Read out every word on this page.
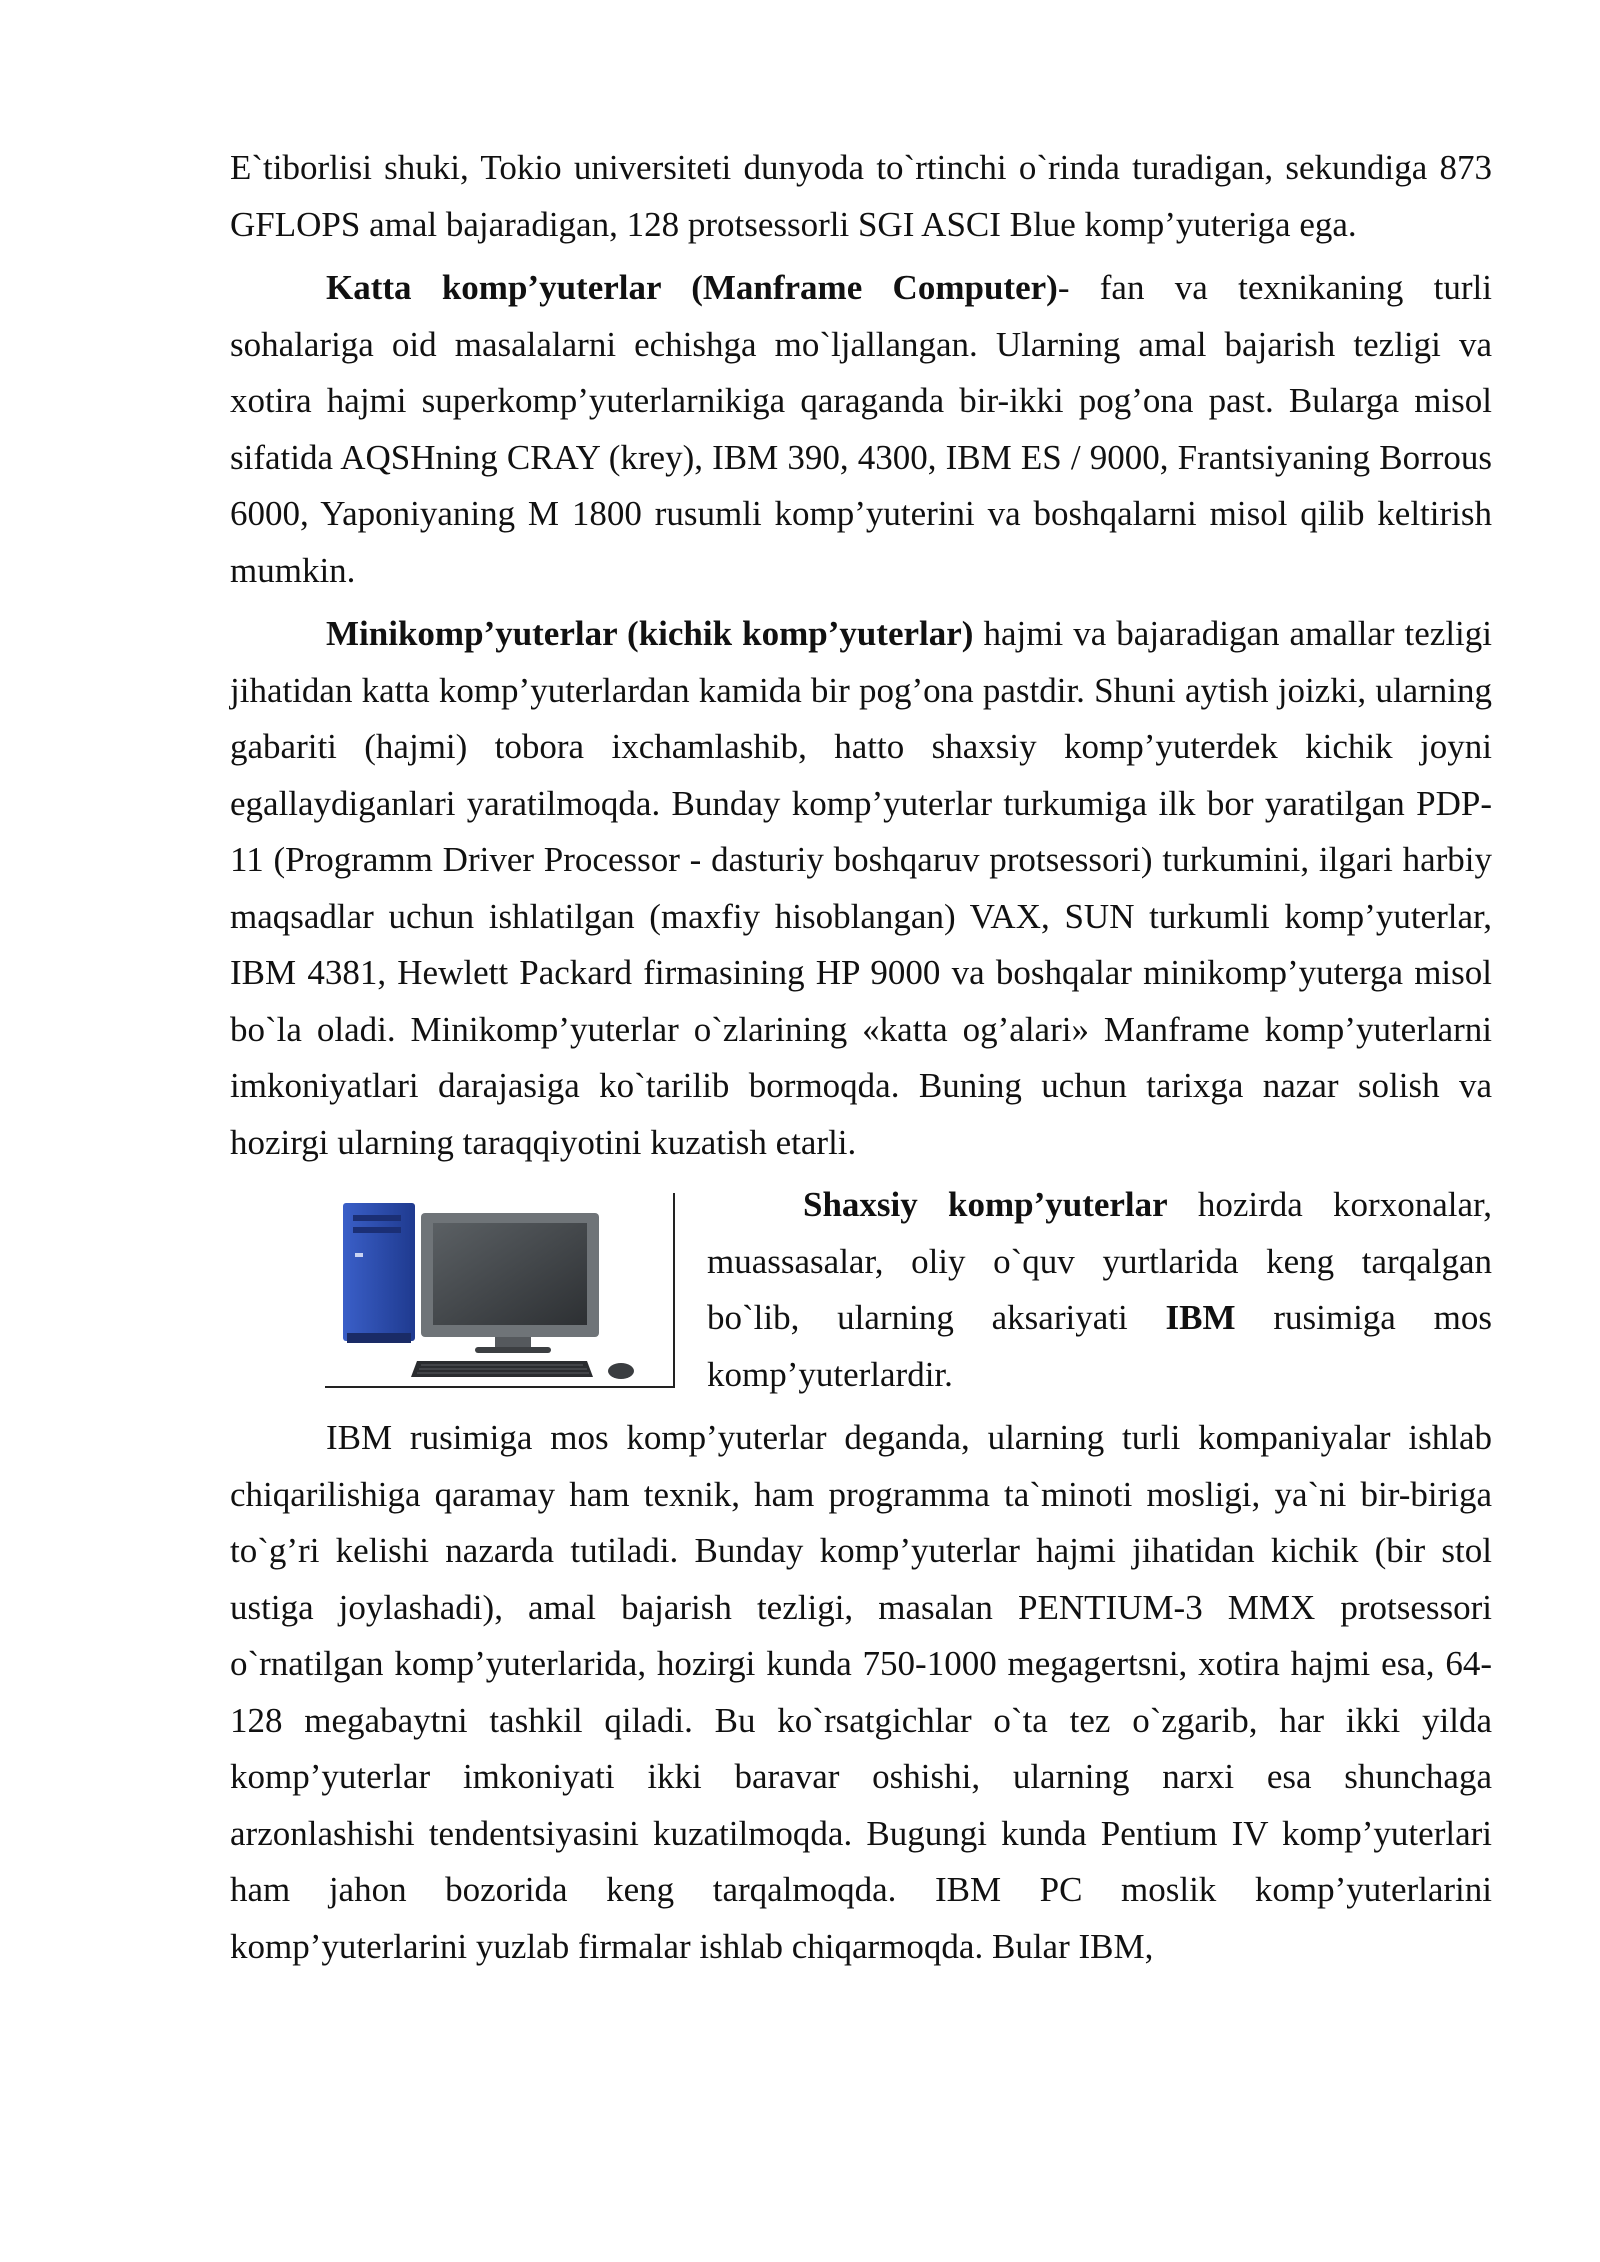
E`tiborlisi shuki, Tokio universiteti dunyoda to`rtinchi o`rinda turadigan, sekundiga 873 GFLOPS amal bajaradigan, 128 protsessorli SGI ASCI Blue komp’yuteriga ega.

Katta komp’yuterlar (Manframe Computer)- fan va texnikaning turli sohalariga oid masalalarni echishga mo`ljallangan. Ularning amal bajarish tezligi va xotira hajmi superkomp’yuterlarnikiga qaraganda bir-ikki pog’ona past. Bularga misol sifatida AQSHning CRAY (krey), IBM 390, 4300, IBM ES / 9000, Frantsiyaning Borrous 6000, Yaponiyaning M 1800 rusumli komp’yuterini va boshqalarni misol qilib keltirish mumkin.

Minikomp’yuterlar (kichik komp’yuterlar) hajmi va bajaradigan amallar tezligi jihatidan katta komp’yuterlardan kamida bir pog’ona pastdir. Shuni aytish joizki, ularning gabariti (hajmi) tobora ixchamlashib, hatto shaxsiy komp’yuterdek kichik joyni egallaydiganlari yaratilmoqda. Bunday komp’yuterlar turkumiga ilk bor yaratilgan PDP-11 (Programm Driver Processor - dasturiy boshqaruv protsessori) turkumini, ilgari harbiy maqsadlar uchun ishlatilgan (maxfiy hisoblangan) VAX, SUN turkumli komp’yuterlar, IBM 4381, Hewlett Packard firmasining HP 9000 va boshqalar minikomp’yuterga misol bo`la oladi. Minikomp’yuterlar o`zlarining «katta og’alari» Manframe komp’yuterlarni imkoniyatlari darajasiga ko`tarilib bormoqda. Buning uchun tarixga nazar solish va hozirgi ularning taraqqiyotini kuzatish etarli.

Shaxsiy komp’yuterlar hozirda korxonalar, muassasalar, oliy o`quv yurtlarida keng tarqalgan bo`lib, ularning aksariyati IBM rusimiga mos komp’yuterlardir.

IBM rusimiga mos komp’yuterlar deganda, ularning turli kompaniyalar ishlab chiqarilishiga qaramay ham texnik, ham programma ta`minoti mosligi, ya`ni bir-biriga to`g’ri kelishi nazarda tutiladi. Bunday komp’yuterlar hajmi jihatidan kichik (bir stol ustiga joylashadi), amal bajarish tezligi, masalan PENTIUM-3 MMX protsessori o`rnatilgan komp’yuterlarida, hozirgi kunda 750-1000 megagertsni, xotira hajmi esa, 64-128 megabaytni tashkil qiladi. Bu ko`rsatgichlar o`ta tez o`zgarib, har ikki yilda komp’yuterlar imkoniyati ikki baravar oshishi, ularning narxi esa shunchaga arzonlashishi tendentsiyasini kuzatilmoqda. Bugungi kunda Pentium IV komp’yuterlari ham jahon bozorida keng tarqalmoqda. IBM PC moslik komp’yuterlarini komp’yuterlarini yuzlab firmalar ishlab chiqarmoqda. Bular IBM,
